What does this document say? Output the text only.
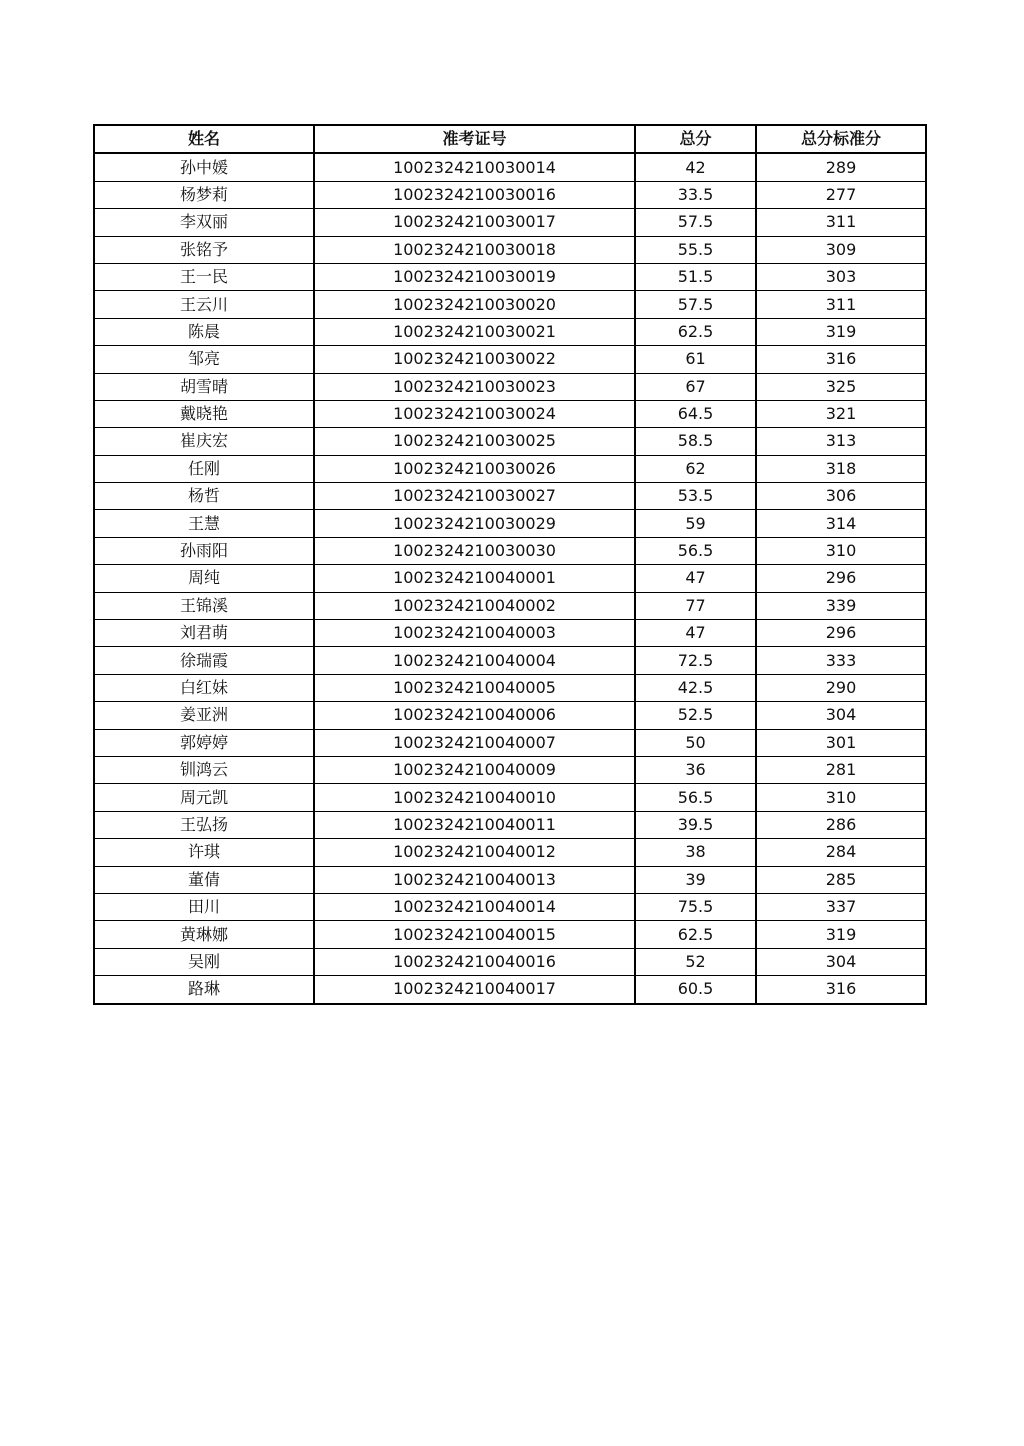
姓名	准考证号	总分	总分标准分
孙中媛	1002324210030014	42	289
杨梦莉	1002324210030016	33.5	277
李双丽	1002324210030017	57.5	311
张铭予	1002324210030018	55.5	309
王一民	1002324210030019	51.5	303
王云川	1002324210030020	57.5	311
陈晨	1002324210030021	62.5	319
邹亮	1002324210030022	61	316
胡雪晴	1002324210030023	67	325
戴晓艳	1002324210030024	64.5	321
崔庆宏	1002324210030025	58.5	313
任刚	1002324210030026	62	318
杨哲	1002324210030027	53.5	306
王慧	1002324210030029	59	314
孙雨阳	1002324210030030	56.5	310
周纯	1002324210040001	47	296
王锦溪	1002324210040002	77	339
刘君萌	1002324210040003	47	296
徐瑞霞	1002324210040004	72.5	333
白红妹	1002324210040005	42.5	290
姜亚洲	1002324210040006	52.5	304
郭婷婷	1002324210040007	50	301
钏鸿云	1002324210040009	36	281
周元凯	1002324210040010	56.5	310
王弘扬	1002324210040011	39.5	286
许琪	1002324210040012	38	284
董倩	1002324210040013	39	285
田川	1002324210040014	75.5	337
黄琳娜	1002324210040015	62.5	319
吴刚	1002324210040016	52	304
路琳	1002324210040017	60.5	316
